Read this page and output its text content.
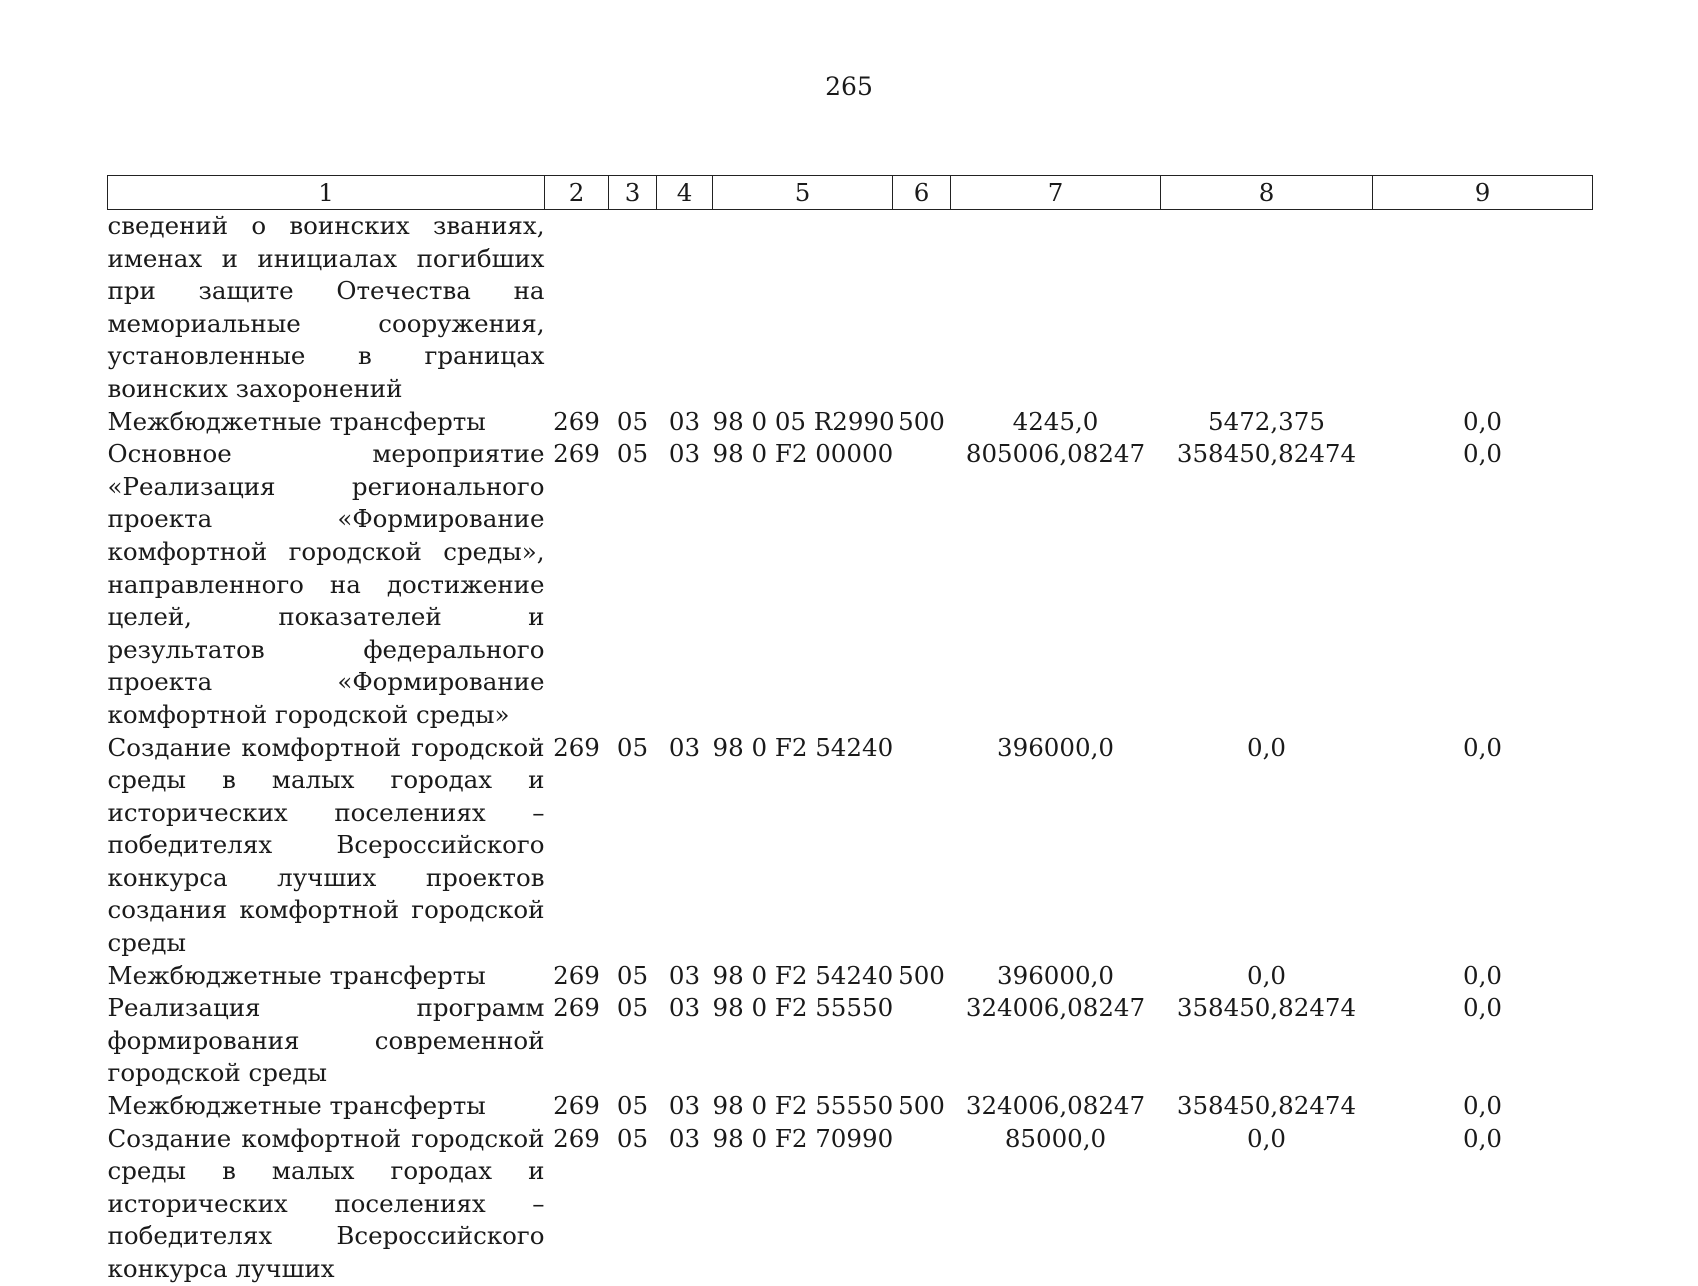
265
1	2	3	4	5	6	7	8	9
сведений о воинских званиях, именах и инициалах погибших при защите Отечества на мемориальные сооружения, установленные в границах воинских захоронений								
Межбюджетные трансферты	269	05	03	98 0 05 R2990	500	4245,0	5472,375	0,0
Основное мероприятие «Реализация регионального проекта «Формирование комфортной городской среды», направленного на достижение целей, показателей и результатов федерального проекта «Формирование комфортной городской среды»	269	05	03	98 0 F2 00000		805006,08247	358450,82474	0,0
Создание комфортной городской среды в малых городах и исторических поселениях – победителях Всероссийского конкурса лучших проектов создания комфортной городской среды	269	05	03	98 0 F2 54240		396000,0	0,0	0,0
Межбюджетные трансферты	269	05	03	98 0 F2 54240	500	396000,0	0,0	0,0
Реализация программ формирования современной городской среды	269	05	03	98 0 F2 55550		324006,08247	358450,82474	0,0
Межбюджетные трансферты	269	05	03	98 0 F2 55550	500	324006,08247	358450,82474	0,0
Создание комфортной городской среды в малых городах и исторических поселениях – победителях Всероссийского конкурса лучших	269	05	03	98 0 F2 70990		85000,0	0,0	0,0
